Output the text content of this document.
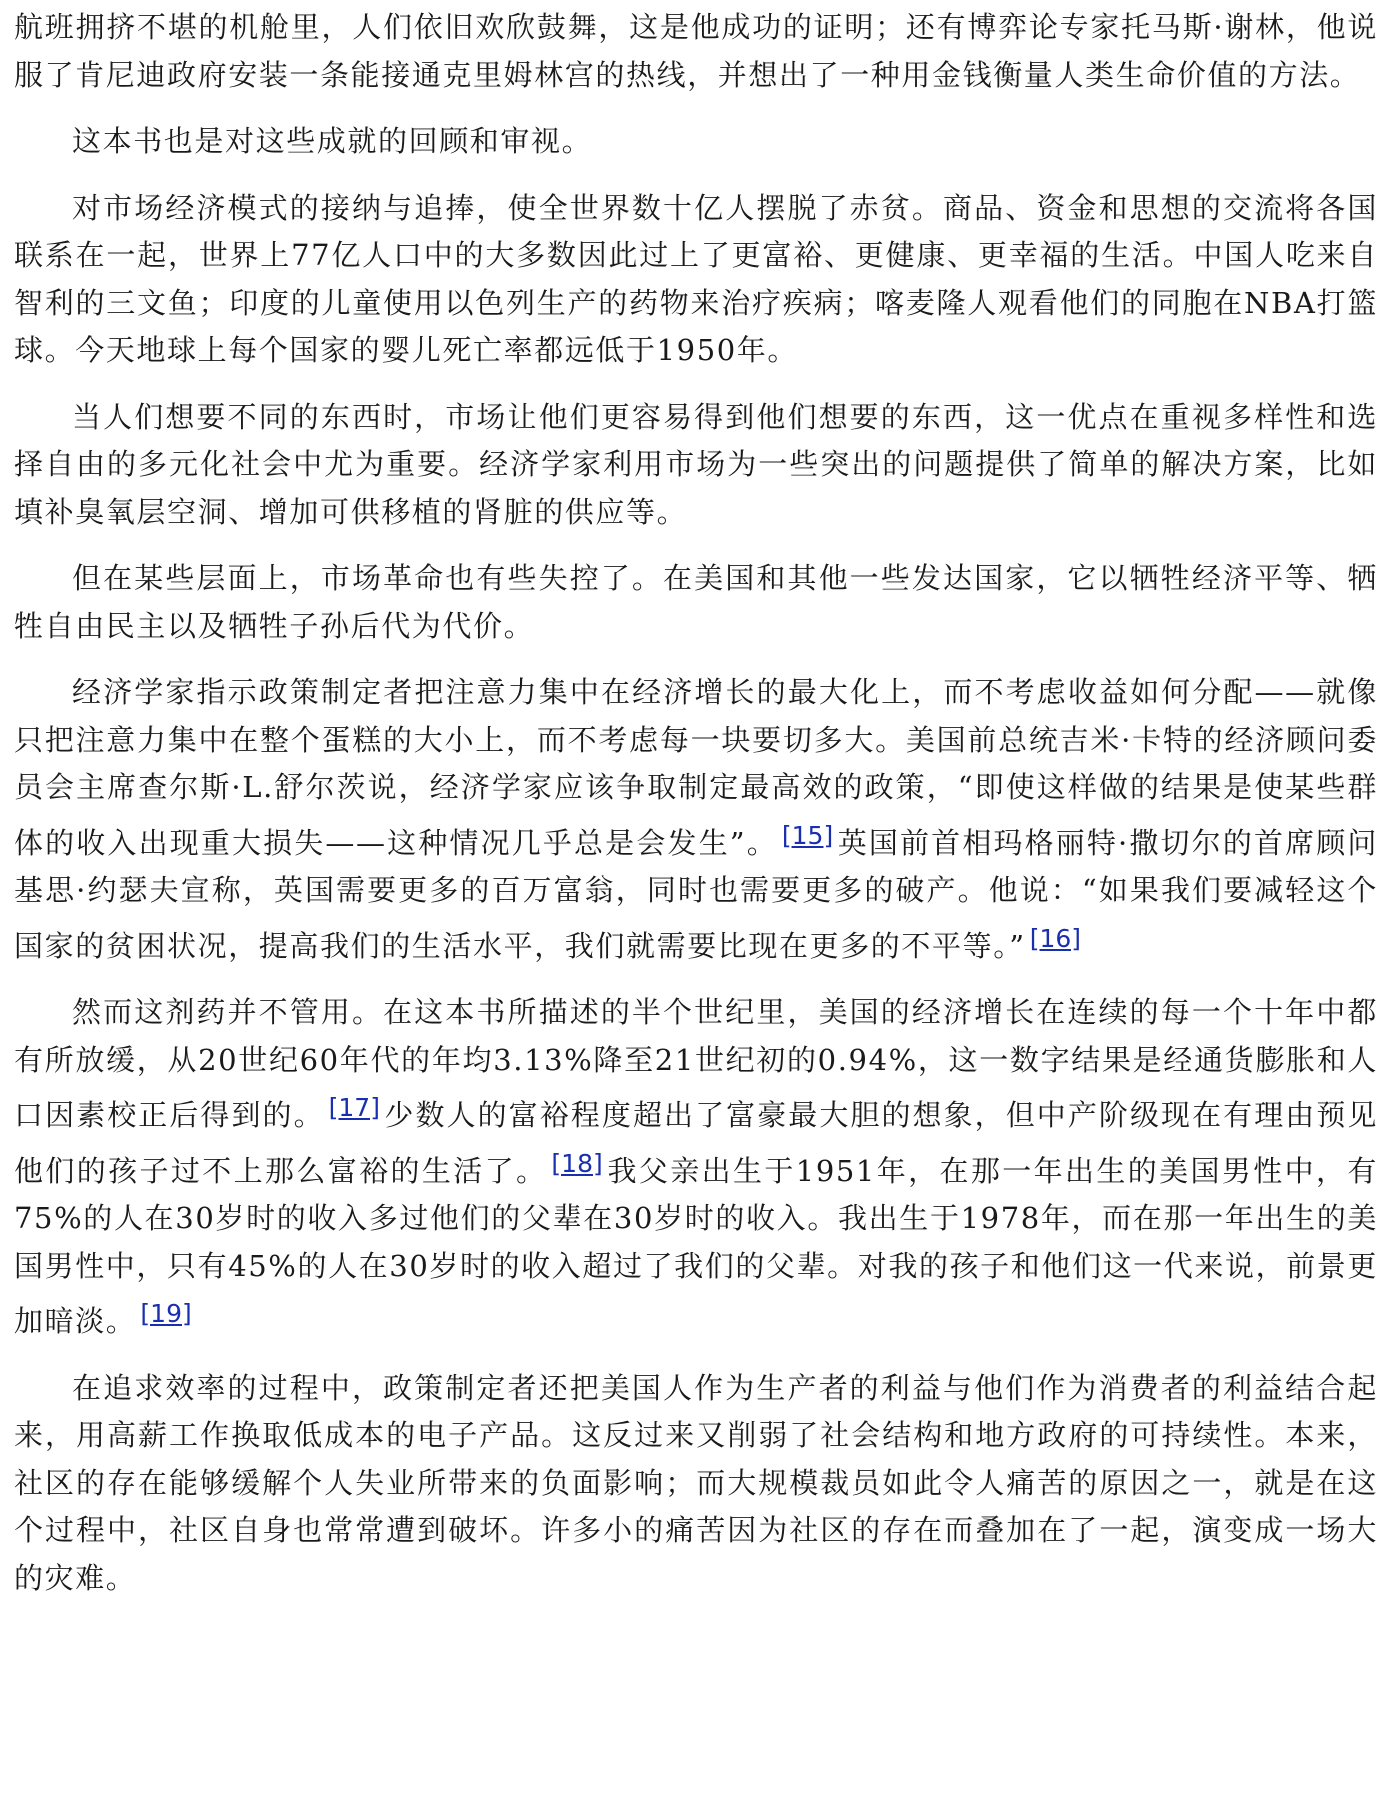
航班拥挤不堪的机舱里，人们依旧欢欣鼓舞，这是他成功的证明；还有博弈论专家托马斯·谢林，他说服了肯尼迪政府安装一条能接通克里姆林宫的热线，并想出了一种用金钱衡量人类生命价值的方法。

这本书也是对这些成就的回顾和审视。

对市场经济模式的接纳与追捧，使全世界数十亿人摆脱了赤贫。商品、资金和思想的交流将各国联系在一起，世界上77亿人口中的大多数因此过上了更富裕、更健康、更幸福的生活。中国人吃来自智利的三文鱼；印度的儿童使用以色列生产的药物来治疗疾病；喀麦隆人观看他们的同胞在NBA打篮球。今天地球上每个国家的婴儿死亡率都远低于1950年。

当人们想要不同的东西时，市场让他们更容易得到他们想要的东西，这一优点在重视多样性和选择自由的多元化社会中尤为重要。经济学家利用市场为一些突出的问题提供了简单的解决方案，比如填补臭氧层空洞、增加可供移植的肾脏的供应等。

但在某些层面上，市场革命也有些失控了。在美国和其他一些发达国家，它以牺牲经济平等、牺牲自由民主以及牺牲子孙后代为代价。

经济学家指示政策制定者把注意力集中在经济增长的最大化上，而不考虑收益如何分配——就像只把注意力集中在整个蛋糕的大小上，而不考虑每一块要切多大。美国前总统吉米·卡特的经济顾问委员会主席查尔斯·L.舒尔茨说，经济学家应该争取制定最高效的政策，“即使这样做的结果是使某些群体的收入出现重大损失——这种情况几乎总是会发生”。 [15] 英国前首相玛格丽特·撒切尔的首席顾问基思·约瑟夫宣称，英国需要更多的百万富翁，同时也需要更多的破产。他说：“如果我们要减轻这个国家的贫困状况，提高我们的生活水平，我们就需要比现在更多的不平等。” [16]

然而这剂药并不管用。在这本书所描述的半个世纪里，美国的经济增长在连续的每一个十年中都有所放缓，从20世纪60年代的年均3.13%降至21世纪初的0.94%，这一数字结果是经通货膨胀和人口因素校正后得到的。 [17] 少数人的富裕程度超出了富豪最大胆的想象，但中产阶级现在有理由预见他们的孩子过不上那么富裕的生活了。 [18] 我父亲出生于1951年，在那一年出生的美国男性中，有75%的人在30岁时的收入多过他们的父辈在30岁时的收入。我出生于1978年，而在那一年出生的美国男性中，只有45%的人在30岁时的收入超过了我们的父辈。对我的孩子和他们这一代来说，前景更加暗淡。 [19]

在追求效率的过程中，政策制定者还把美国人作为生产者的利益与他们作为消费者的利益结合起来，用高薪工作换取低成本的电子产品。这反过来又削弱了社会结构和地方政府的可持续性。本来，社区的存在能够缓解个人失业所带来的负面影响；而大规模裁员如此令人痛苦的原因之一，就是在这个过程中，社区自身也常常遭到破坏。许多小的痛苦因为社区的存在而叠加在了一起，演变成一场大的灾难。
